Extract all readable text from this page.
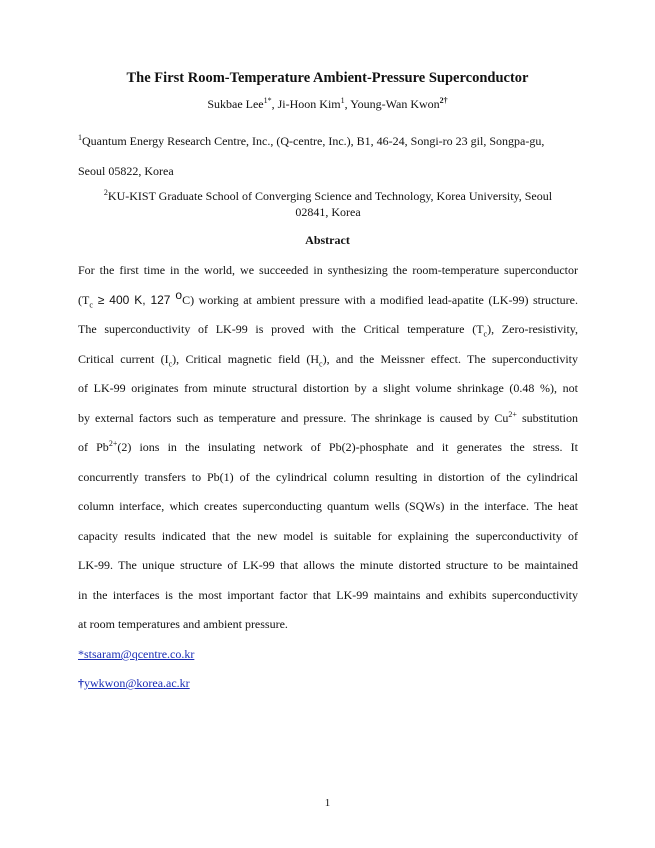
The First Room-Temperature Ambient-Pressure Superconductor
Sukbae Lee$^{1*}$, Ji-Hoon Kim$^1$, Young-Wan Kwon$^{2\dagger}$
$^1$Quantum Energy Research Centre, Inc., (Q-centre, Inc.), B1, 46-24, Songi-ro 23 gil, Songpa-gu,
Seoul 05822, Korea
$^2$KU-KIST Graduate School of Converging Science and Technology, Korea University, Seoul
02841, Korea
Abstract
For the first time in the world, we succeeded in synthesizing the room-temperature superconductor
($T_c \ge 400$ K, 127 $^o$C) working at ambient pressure with a modified lead-apatite (LK-99) structure.
The superconductivity of LK-99 is proved with the Critical temperature $(T_c)$, Zero-resistivity,
Critical current $(I_c)$, Critical magnetic field $(H_c)$, and the Meissner effect. The superconductivity
of LK-99 originates from minute structural distortion by a slight volume shrinkage (0.48 %), not
by external factors such as temperature and pressure. The shrinkage is caused by $Cu^{2+}$ substitution
of $Pb^{2+}(2)$ ions in the insulating network of Pb(2)-phosphate and it generates the stress. It
concurrently transfers to Pb(1) of the cylindrical column resulting in distortion of the cylindrical
column interface, which creates superconducting quantum wells (SQWs) in the interface. The heat
capacity results indicated that the new model is suitable for explaining the superconductivity of
LK-99. The unique structure of LK-99 that allows the minute distorted structure to be maintained
in the interfaces is the most important factor that LK-99 maintains and exhibits superconductivity
at room temperatures and ambient pressure.
*stsaram@qcentre.co.kr
†ywkwon@korea.ac.kr
1
